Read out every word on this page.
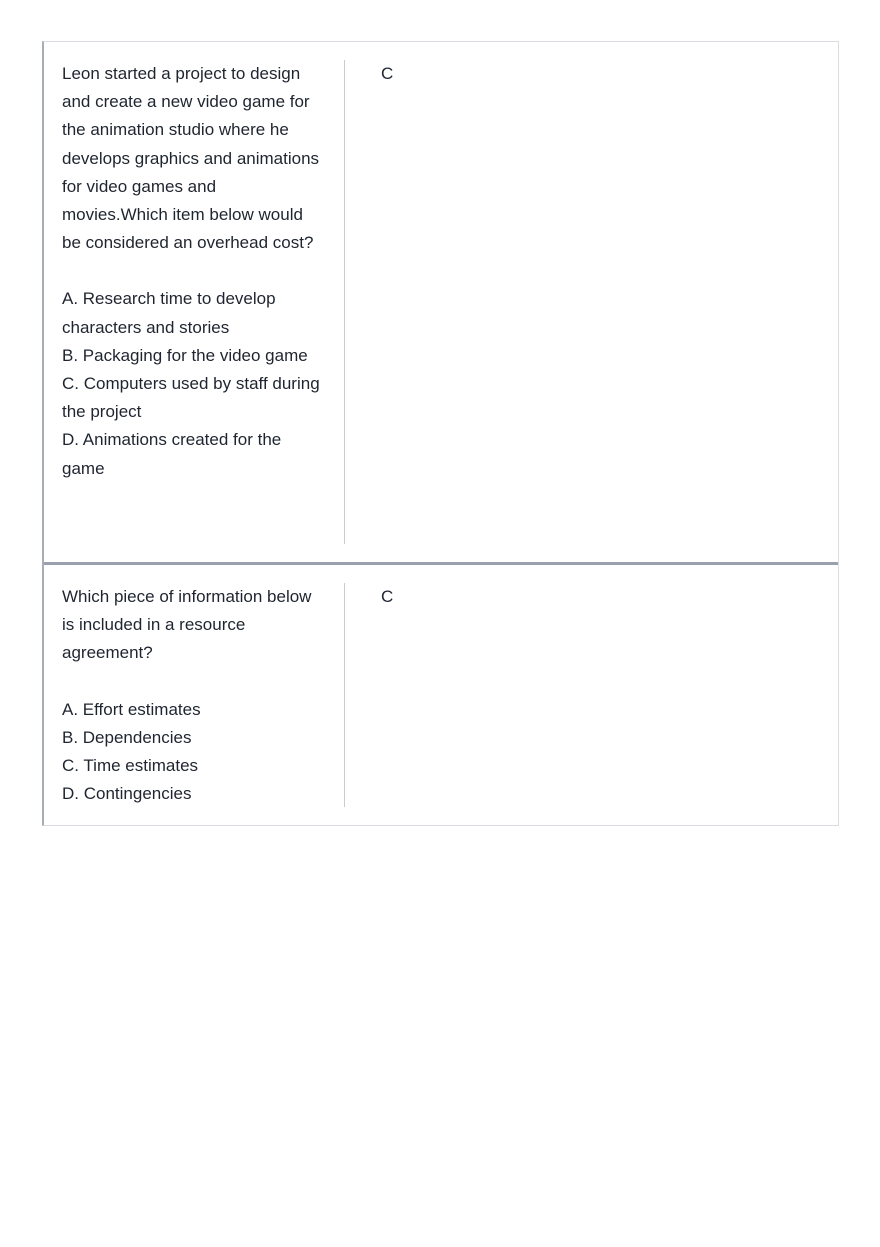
Leon started a project to design and create a new video game for the animation studio where he develops graphics and animations for video games and movies.Which item below would be considered an overhead cost?

A. Research time to develop characters and stories
B. Packaging for the video game
C. Computers used by staff during the project
D. Animations created for the game
C

Which piece of information below is included in a resource agreement?

A. Effort estimates
B. Dependencies
C. Time estimates
D. Contingencies
C
